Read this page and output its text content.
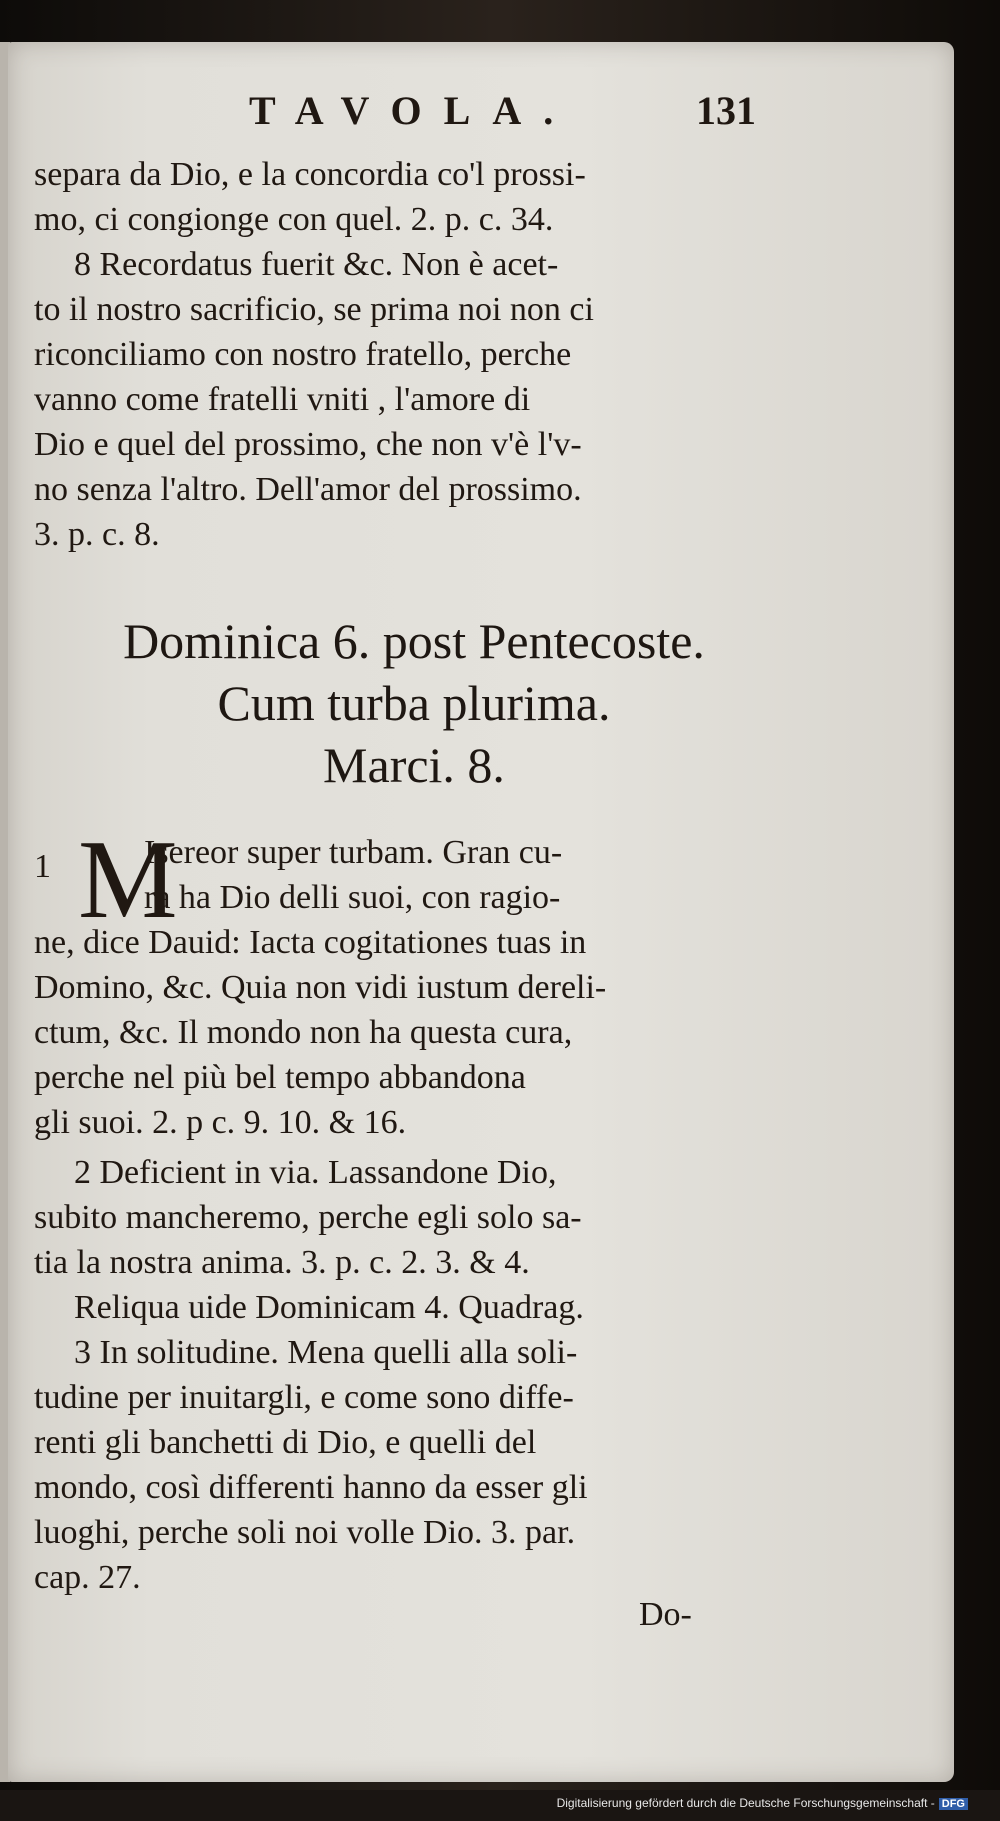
TAVOLA.	131
separa da Dio, e la concordia co'l prossi-
mo, ci congionge con quel. 2. p. c. 34.
8 Recordatus fuerit &c. Non è acet-
to il nostro sacrificio, se prima noi non ci
riconciliamo con nostro fratello, perche
vanno come fratelli vniti , l'amore di
Dio e quel del prossimo, che non v'è l'v-
no senza l'altro. Dell'amor del prossimo.
3. p. c. 8.
Dominica 6. post Pentecoste.
Cum turba plurima.
Marci. 8.
1 M
Isereor super turbam. Gran cu-
ra ha Dio delli suoi, con ragio-
ne, dice Dauid: Iacta cogitationes tuas in
Domino, &c. Quia non vidi iustum dereli-
ctum, &c. Il mondo non ha questa cura,
perche nel più bel tempo abbandona
gli suoi. 2. p c. 9. 10. & 16.
2 Deficient in via. Lassandone Dio,
subito mancheremo, perche egli solo sa-
tia la nostra anima. 3. p. c. 2. 3. & 4.
Reliqua uide Dominicam 4. Quadrag.
3 In solitudine. Mena quelli alla soli-
tudine per inuitargli, e come sono diffe-
renti gli banchetti di Dio, e quelli del
mondo, così differenti hanno da esser gli
luoghi, perche soli noi volle Dio. 3. par.
cap. 27.
Do-
Digitalisierung gefördert durch die Deutsche Forschungsgemeinschaft - DFG
